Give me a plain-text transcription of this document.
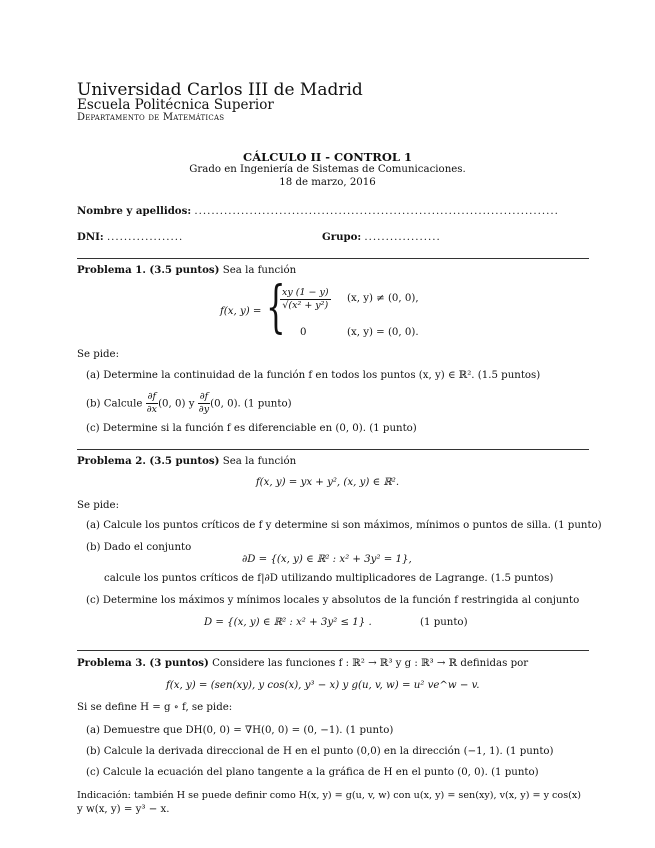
Universidad Carlos III de Madrid
Escuela Politécnica Superior
Departamento de Matemáticas
CÁLCULO II - CONTROL 1
Grado en Ingeniería de Sistemas de Comunicaciones.
18 de marzo, 2016
Nombre y apellidos: ......................................................................................
DNI: ..................	Grupo: ..................
Problema 1. (3.5 puntos) Sea la función
f(x, y) = {
$\frac{xy (1 - y)}{\text{√(x² + y²)}} (x$, y) ≠ (0, 0),
0	(x, y) = (0, 0).
Se pide:
(a) Determine la continuidad de la función f en todos los puntos (x, y) ∈ ℝ². (1.5 puntos)
(b) Calcule $\frac{\partial f}{\partial x} (0$, 0) y $\frac{\partial f}{\partial y} (0$, 0). (1 punto)
(c) Determine si la función f es diferenciable en (0, 0). (1 punto)
Problema 2. (3.5 puntos) Sea la función
f(x, y) = yx + y², (x, y) ∈ ℝ².
Se pide:
(a) Calcule los puntos críticos de f y determine si son máximos, mínimos o puntos de silla. (1 punto)
(b) Dado el conjunto
∂D = {(x, y) ∈ ℝ² : x² + 3y² = 1},
calcule los puntos críticos de f|∂D utilizando multiplicadores de Lagrange. (1.5 puntos)
(c) Determine los máximos y mínimos locales y absolutos de la función f restringida al conjunto
D = {(x, y) ∈ ℝ² : x² + 3y² ≤ 1} .	(1 punto)
Problema 3. (3 puntos) Considere las funciones f : ℝ² → ℝ³ y g : ℝ³ → ℝ definidas por
f(x, y) = (sen(xy), y cos(x), y³ − x) y g(u, v, w) = u² ve^w − v.
Si se define H = g ∘ f, se pide:
(a) Demuestre que DH(0, 0) = ∇H(0, 0) = (0, −1). (1 punto)
(b) Calcule la derivada direccional de H en el punto (0,0) en la dirección (−1, 1). (1 punto)
(c) Calcule la ecuación del plano tangente a la gráfica de H en el punto (0, 0). (1 punto)
Indicación: también H se puede definir como H(x, y) = g(u, v, w) con u(x, y) = sen(xy), v(x, y) = y cos(x)
y w(x, y) = y³ − x.
